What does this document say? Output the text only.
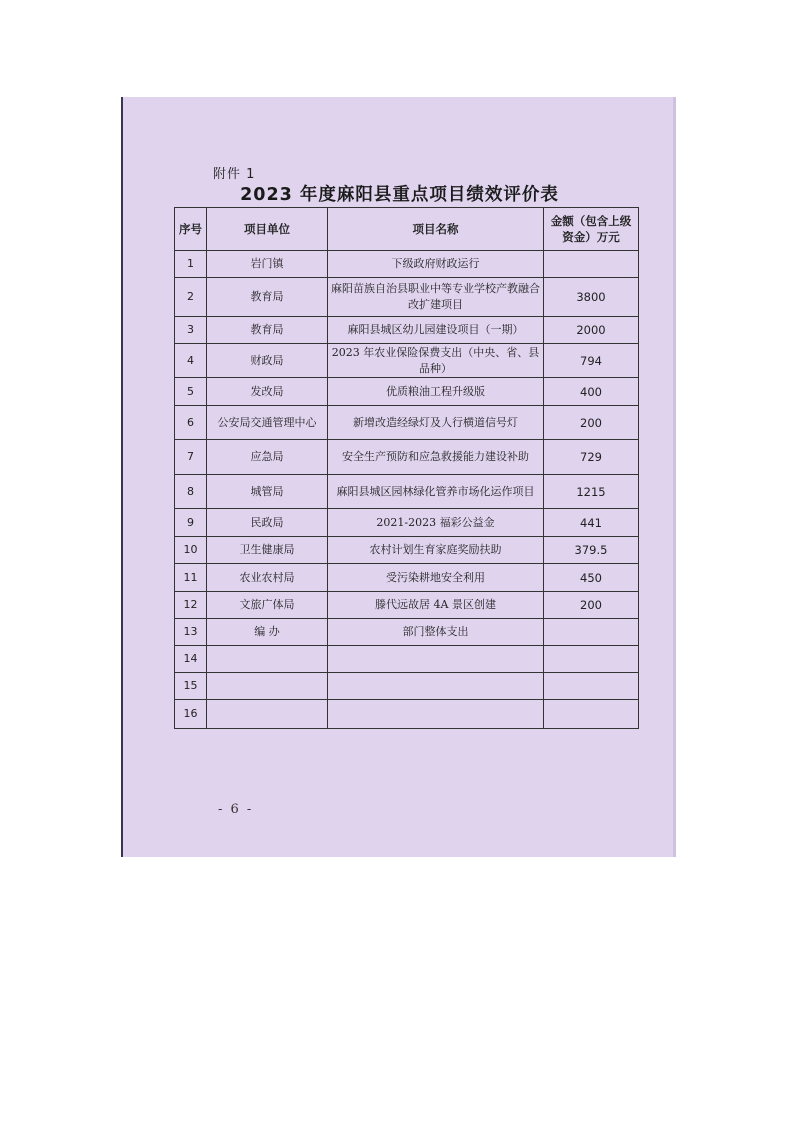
附件 1
2023 年度麻阳县重点项目绩效评价表
序号	项目单位	项目名称	金额（包含上级资金）万元
1	岩门镇	下级政府财政运行	
2	教育局	麻阳苗族自治县职业中等专业学校产教融合改扩建项目	3800
3	教育局	麻阳县城区幼儿园建设项目（一期）	2000
4	财政局	2023 年农业保险保费支出（中央、省、县品种）	794
5	发改局	优质粮油工程升级版	400
6	公安局交通管理中心	新增改造经绿灯及人行横道信号灯	200
7	应急局	安全生产预防和应急救援能力建设补助	729
8	城管局	麻阳县城区园林绿化管养市场化运作项目	1215
9	民政局	2021-2023 福彩公益金	441
10	卫生健康局	农村计划生育家庭奖励扶助	379.5
11	农业农村局	受污染耕地安全利用	450
12	文旅广体局	滕代远故居 4A 景区创建	200
13	编 办	部门整体支出	
14			
15			
16			
- 6 -
